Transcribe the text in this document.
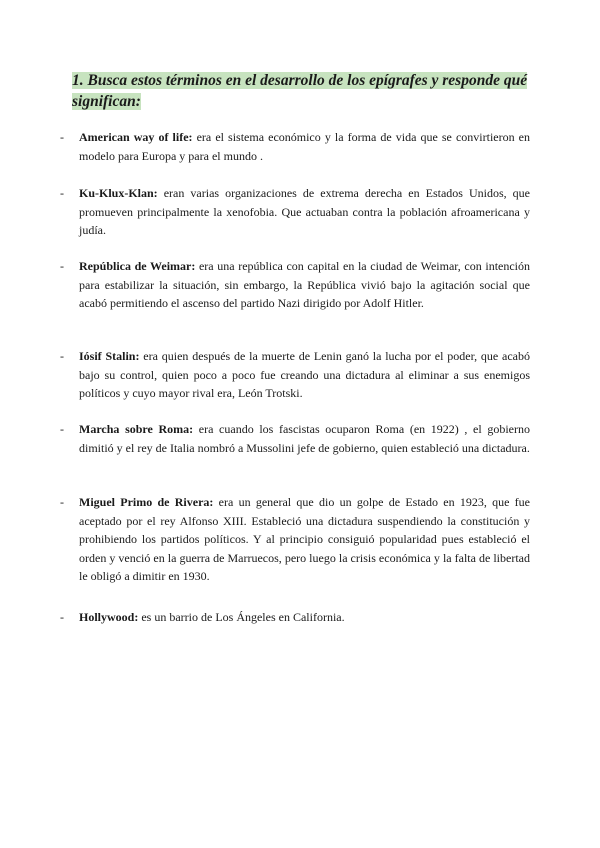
1. Busca estos términos en el desarrollo de los epígrafes y responde qué significan:
- American way of life: era el sistema económico y la forma de vida que se convirtieron en modelo para Europa y para el mundo .
- Ku-Klux-Klan: eran varias organizaciones de extrema derecha en Estados Unidos, que promueven principalmente la xenofobia. Que actuaban contra la población afroamericana y judía.
- República de Weimar: era una república con capital en la ciudad de Weimar, con intención para estabilizar la situación, sin embargo, la República vivió bajo la agitación social que acabó permitiendo el ascenso del partido Nazi dirigido por Adolf Hitler.
- Iósif Stalin: era quien después de la muerte de Lenin ganó la lucha por el poder, que acabó bajo su control, quien poco a poco fue creando una dictadura al eliminar a sus enemigos políticos y cuyo mayor rival era, León Trotski.
- Marcha sobre Roma: era cuando los fascistas ocuparon Roma (en 1922) , el gobierno dimitió y el rey de Italia nombró a Mussolini jefe de gobierno, quien estableció una dictadura.
- Miguel Primo de Rivera: era un general que dio un golpe de Estado en 1923, que fue aceptado por el rey Alfonso XIII. Estableció una dictadura suspendiendo la constitución y prohibiendo los partidos políticos. Y al principio consiguió popularidad pues estableció el orden y venció en la guerra de Marruecos, pero luego la crisis económica y la falta de libertad le obligó a dimitir en 1930.
- Hollywood: es un barrio de Los Ángeles en California.
